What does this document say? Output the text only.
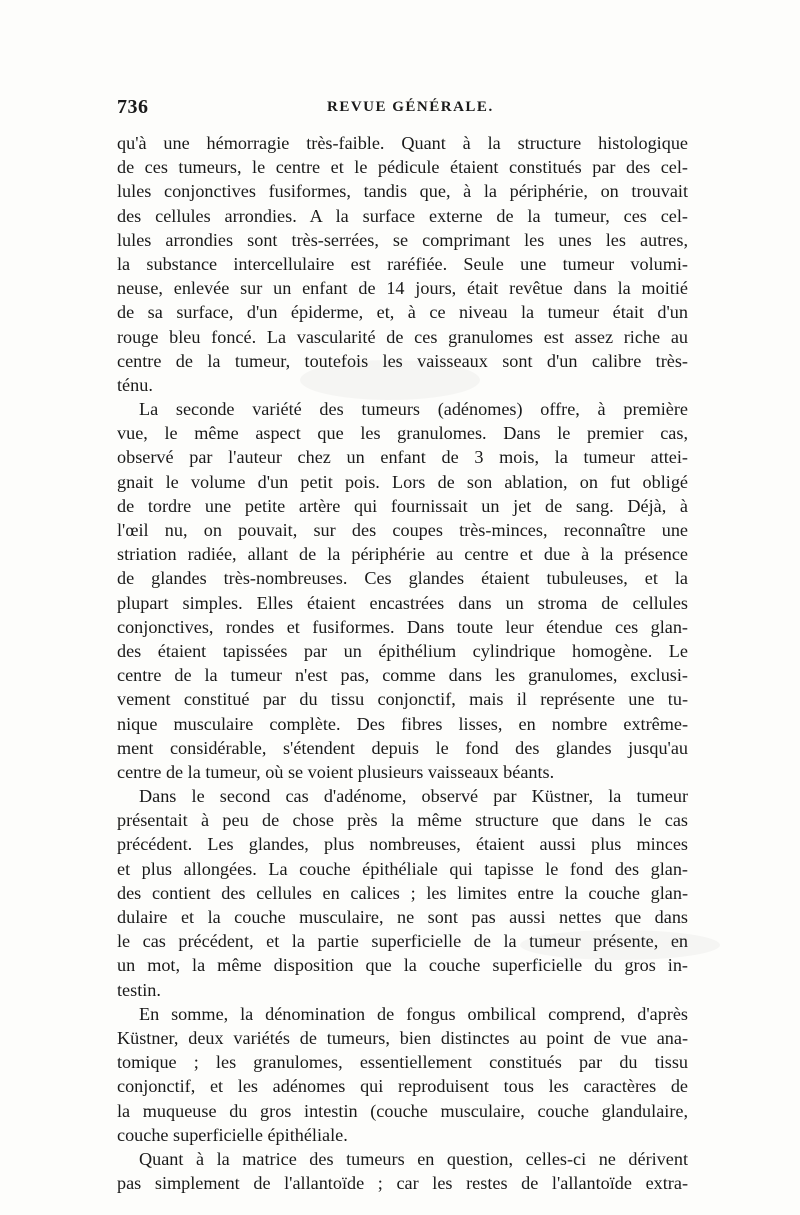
736	REVUE GÉNÉRALE.
qu'à une hémorragie très-faible. Quant à la structure histologique
de ces tumeurs, le centre et le pédicule étaient constitués par des cel-
lules conjonctives fusiformes, tandis que, à la périphérie, on trouvait
des cellules arrondies. A la surface externe de la tumeur, ces cel-
lules arrondies sont très-serrées, se comprimant les unes les autres,
la substance intercellulaire est raréfiée. Seule une tumeur volumi-
neuse, enlevée sur un enfant de 14 jours, était revêtue dans la moitié
de sa surface, d'un épiderme, et, à ce niveau la tumeur était d'un
rouge bleu foncé. La vascularité de ces granulomes est assez riche au
centre de la tumeur, toutefois les vaisseaux sont d'un calibre très-
ténu.
La seconde variété des tumeurs (adénomes) offre, à première
vue, le même aspect que les granulomes. Dans le premier cas,
observé par l'auteur chez un enfant de 3 mois, la tumeur attei-
gnait le volume d'un petit pois. Lors de son ablation, on fut obligé
de tordre une petite artère qui fournissait un jet de sang. Déjà, à
l'œil nu, on pouvait, sur des coupes très-minces, reconnaître une
striation radiée, allant de la périphérie au centre et due à la présence
de glandes très-nombreuses. Ces glandes étaient tubuleuses, et la
plupart simples. Elles étaient encastrées dans un stroma de cellules
conjonctives, rondes et fusiformes. Dans toute leur étendue ces glan-
des étaient tapissées par un épithélium cylindrique homogène. Le
centre de la tumeur n'est pas, comme dans les granulomes, exclusi-
vement constitué par du tissu conjonctif, mais il représente une tu-
nique musculaire complète. Des fibres lisses, en nombre extrême-
ment considérable, s'étendent depuis le fond des glandes jusqu'au
centre de la tumeur, où se voient plusieurs vaisseaux béants.
Dans le second cas d'adénome, observé par Küstner, la tumeur
présentait à peu de chose près la même structure que dans le cas
précédent. Les glandes, plus nombreuses, étaient aussi plus minces
et plus allongées. La couche épithéliale qui tapisse le fond des glan-
des contient des cellules en calices ; les limites entre la couche glan-
dulaire et la couche musculaire, ne sont pas aussi nettes que dans
le cas précédent, et la partie superficielle de la tumeur présente, en
un mot, la même disposition que la couche superficielle du gros in-
testin.
En somme, la dénomination de fongus ombilical comprend, d'après
Küstner, deux variétés de tumeurs, bien distinctes au point de vue ana-
tomique ; les granulomes, essentiellement constitués par du tissu
conjonctif, et les adénomes qui reproduisent tous les caractères de
la muqueuse du gros intestin (couche musculaire, couche glandulaire,
couche superficielle épithéliale.
Quant à la matrice des tumeurs en question, celles-ci ne dérivent
pas simplement de l'allantoïde ; car les restes de l'allantoïde extra-
